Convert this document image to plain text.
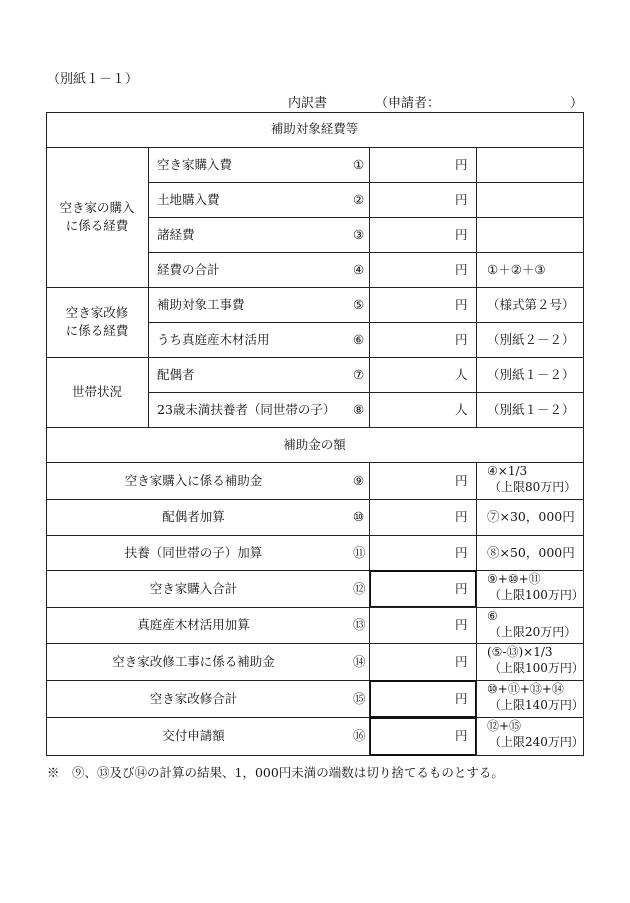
（別紙１－１）
内訳書	（申請者：	）
補助対象経費等
空き家の購入
に係る経費
空き家購入費	①	円
土地購入費	②	円
諸経費	③	円
経費の合計	④	円 ①＋②＋③
空き家改修
に係る経費
補助対象工事費	⑤	円 （様式第２号）
うち真庭産木材活用	⑥	円 （別紙２－２）
世帯状況
配偶者	⑦	人 （別紙１－２）
23歳未満扶養者（同世帯の子） ⑧	人 （別紙１－２）
補助金の額
空き家購入に係る補助金	⑨	円
④×1/3
（上限80万円）
配偶者加算	⑩	円 ⑦×30，000円
扶養（同世帯の子）加算	⑪	円 ⑧×50，000円
空き家購入合計	⑫	円
⑨+⑩+⑪
（上限100万円）
真庭産木材活用加算	⑬	円
⑥
（上限20万円）
空き家改修工事に係る補助金	⑭	円
(⑤-⑬)×1/3
（上限100万円）
空き家改修合計	⑮	円
⑩+⑪+⑬+⑭
（上限140万円）
交付申請額	⑯	円
⑫+⑮
（上限240万円）
※　⑨、⑬及び⑭の計算の結果、1，000円未満の端数は切り捨てるものとする。
